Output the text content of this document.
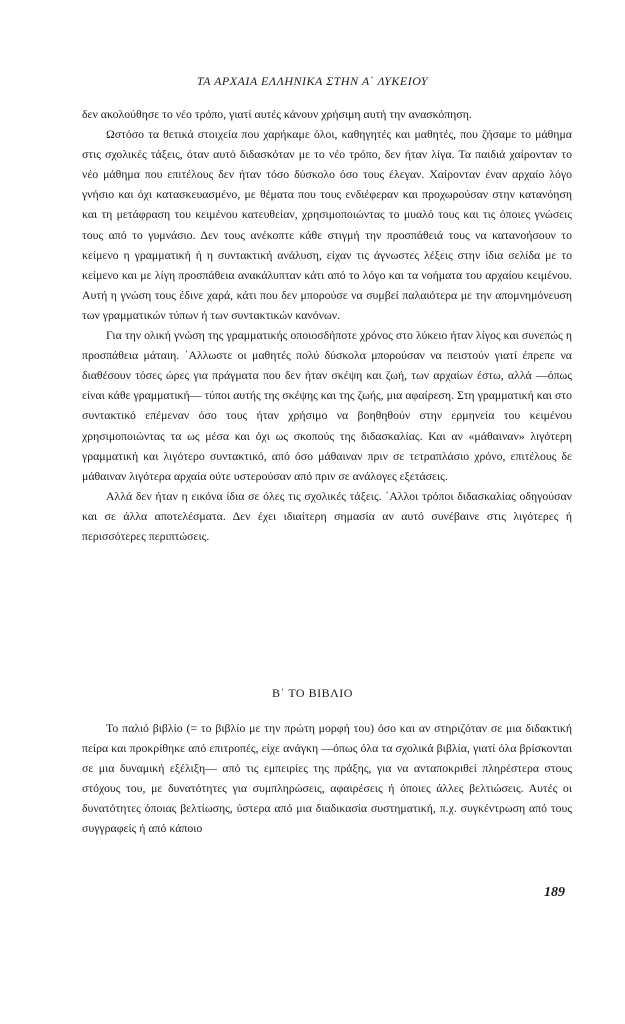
ΤΑ ΑΡΧΑΙΑ ΕΛΛΗΝΙΚΑ ΣΤΗΝ Α΄ ΛΥΚΕΙΟΥ

δεν ακολούθησε το νέο τρόπο, γιατί αυτές κάνουν χρήσιμη αυτή την ανασκόπηση.

Ωστόσο τα θετικά στοιχεία που χαρήκαμε όλοι, καθηγητές και μαθητές, που ζήσαμε το μάθημα στις σχολικές τάξεις, όταν αυτό διδασκόταν με το νέο τρόπο, δεν ήταν λίγα. Τα παιδιά χαίρονταν το νέο μάθημα που επιτέλους δεν ήταν τόσο δύσκολο όσο τους έλεγαν. Χαίρονταν έναν αρχαίο λόγο γνήσιο και όχι κατασκευασμένο, με θέματα που τους ενδιέφεραν και προχωρούσαν στην κατανόηση και τη μετάφραση του κειμένου κατευθείαν, χρησιμοποιώντας το μυαλό τους και τις όποιες γνώσεις τους από το γυμνάσιο. Δεν τους ανέκοπτε κάθε στιγμή την προσπάθειά τους να κατανοήσουν το κείμενο η γραμματική ή η συντακτική ανάλυση, είχαν τις άγνωστες λέξεις στην ίδια σελίδα με το κείμενο και με λίγη προσπάθεια ανακάλυπταν κάτι από το λόγο και τα νοήματα του αρχαίου κειμένου. Αυτή η γνώση τους έδινε χαρά, κάτι που δεν μπορούσε να συμβεί παλαιότερα με την απομνημόνευση των γραμματικών τύπων ή των συντακτικών κανόνων.

Για την ολική γνώση της γραμματικής οποιοσδήποτε χρόνος στο λύκειο ήταν λίγος και συνεπώς η προσπάθεια μάταιη. ΄Αλλωστε οι μαθητές πολύ δύσκολα μπορούσαν να πειστούν γιατί έπρεπε να διαθέσουν τόσες ώρες για πράγματα που δεν ήταν σκέψη και ζωή, των αρχαίων έστω, αλλά —όπως είναι κάθε γραμματική— τύποι αυτής της σκέψης και της ζωής, μια αφαίρεση. Στη γραμματική και στο συντακτικό επέμεναν όσο τους ήταν χρήσιμο να βοηθηθούν στην ερμηνεία του κειμένου χρησιμοποιώντας τα ως μέσα και όχι ως σκοπούς της διδασκαλίας. Και αν «μάθαιναν» λιγότερη γραμματική και λιγότερο συντακτικό, από όσο μάθαιναν πριν σε τετραπλάσιο χρόνο, επιτέλους δε μάθαιναν λιγότερα αρχαία ούτε υστερούσαν από πριν σε ανάλογες εξετάσεις.

Αλλά δεν ήταν η εικόνα ίδια σε όλες τις σχολικές τάξεις. ΄Αλλοι τρόποι διδασκαλίας οδηγούσαν και σε άλλα αποτελέσματα. Δεν έχει ιδιαίτερη σημασία αν αυτό συνέβαινε στις λιγότερες ή περισσότερες περιπτώσεις.

Β΄ ΤΟ ΒΙΒΛΙΟ

Το παλιό βιβλίο (= το βιβλίο με την πρώτη μορφή του) όσο και αν στηριζόταν σε μια διδακτική πείρα και προκρίθηκε από επιτροπές, είχε ανάγκη —όπως όλα τα σχολικά βιβλία, γιατί όλα βρίσκονται σε μια δυναμική εξέλιξη— από τις εμπειρίες της πράξης, για να ανταποκριθεί πληρέστερα στους στόχους του, με δυνατότητες για συμπληρώσεις, αφαιρέσεις ή όποιες άλλες βελτιώσεις. Αυτές οι δυνατότητες όποιας βελτίωσης, ύστερα από μια διαδικασία συστηματική, π.χ. συγκέντρωση από τους συγγραφείς ή από κάποιο

189
